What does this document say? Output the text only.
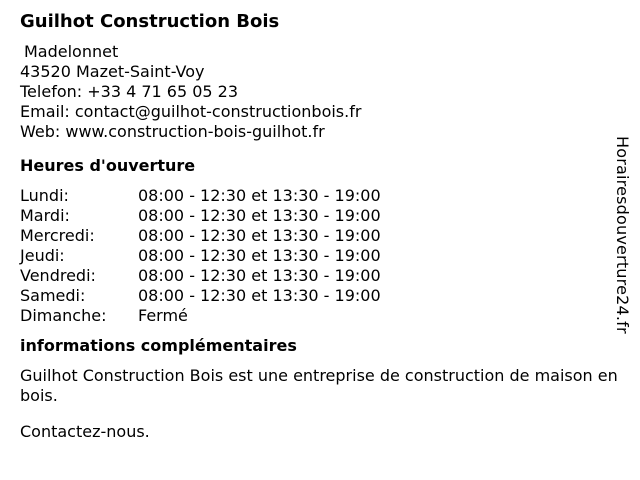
Guilhot Construction Bois
Madelonnet
43520 Mazet-Saint-Voy
Telefon: +33 4 71 65 05 23
Email: contact@guilhot-constructionbois.fr
Web: www.construction-bois-guilhot.fr
Heures d'ouverture
Lundi:	08:00 - 12:30 et 13:30 - 19:00
Mardi:	08:00 - 12:30 et 13:30 - 19:00
Mercredi:	08:00 - 12:30 et 13:30 - 19:00
Jeudi:	08:00 - 12:30 et 13:30 - 19:00
Vendredi:	08:00 - 12:30 et 13:30 - 19:00
Samedi:	08:00 - 12:30 et 13:30 - 19:00
Dimanche:	Fermé
informations complémentaires
Guilhot Construction Bois est une entreprise de construction de maison en bois.
Contactez-nous.
Horairesdouverture24.fr
